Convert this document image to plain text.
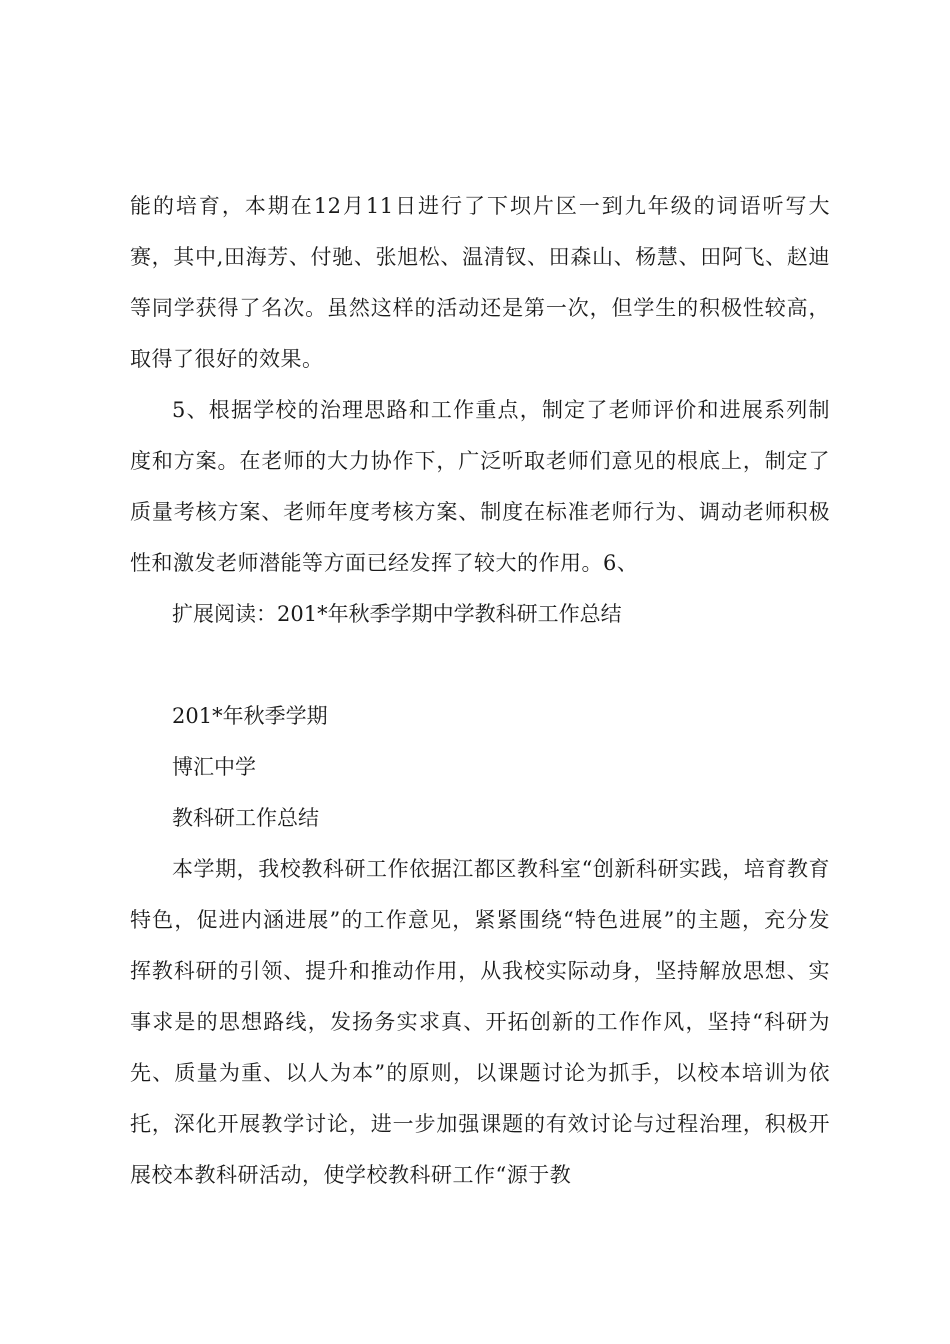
能的培育，本期在12月11日进行了下坝片区一到九年级的词语听写大赛，其中,田海芳、付驰、张旭松、温清钗、田森山、杨慧、田阿飞、赵迪等同学获得了名次。虽然这样的活动还是第一次，但学生的积极性较高，取得了很好的效果。

5、根据学校的治理思路和工作重点，制定了老师评价和进展系列制度和方案。在老师的大力协作下，广泛听取老师们意见的根底上，制定了质量考核方案、老师年度考核方案、制度在标准老师行为、调动老师积极性和激发老师潜能等方面已经发挥了较大的作用。6、

扩展阅读：201*年秋季学期中学教科研工作总结

201*年秋季学期

博汇中学

教科研工作总结

本学期，我校教科研工作依据江都区教科室“创新科研实践，培育教育特色，促进内涵进展”的工作意见，紧紧围绕“特色进展”的主题，充分发挥教科研的引领、提升和推动作用，从我校实际动身，坚持解放思想、实事求是的思想路线，发扬务实求真、开拓创新的工作作风，坚持“科研为先、质量为重、以人为本”的原则，以课题讨论为抓手，以校本培训为依托，深化开展教学讨论，进一步加强课题的有效讨论与过程治理，积极开展校本教科研活动，使学校教科研工作“源于教
